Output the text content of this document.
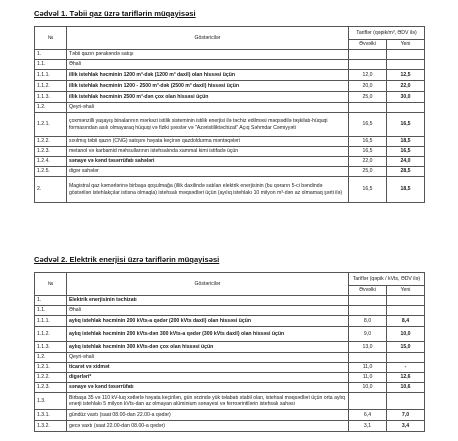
Cədvəl 1. Təbii qaz üzrə tariflərin müqayisəsi
№	Göstəricilər	Tariflər (qəpik/m³, ƏDV ilə)	
		Əvvəlki	Yeni
1.	Təbii qazın pərakəndə satışı		
1.1.	Əhali		
1.1.1.	illik istehlak həcminin 1200 m³-dək (1200 m³ daxil) olan hissəsi üçün	12,0	12,5
1.1.2.	illik istehlak həcminin 1200 - 2500 m³-dək (2500 m³ daxil) hissəsi üçün	20,0	22,0
1.1.3.	illik istehlak həcminin 2500 m³-dən çox olan hissəsi üçün	25,0	30,0
1.2.	Qeyri-əhali		
1.2.1.	çoxmənzilli yaşayış binalarının mərkəzi istilik sisteminin istilik enerjisi ilə təchiz edilməsi məqsədilə təşkilatı-hüquqi formasından asılı olmayaraq hüquqi və fiziki şəxslər və "Azəristiliktəchizat" Açıq Səhmdar Cəmiyyəti	16,5	16,5
1.2.2.	sıxılmış təbii qazın (CNG) satışını həyata keçirən qazdoldurma məntəqələri	16,5	18,5
1.2.3.	metanol və karbamid məhsullarının istehsalında xammal kimi istifadə üçün	16,5	16,5
1.2.4.	sənaye və kənd təsərrüfatı sahələri	22,0	24,0
1.2.5.	digər sahələr	25,0	28,5
2.	Magistral qaz kəmərlərinə birbaşa qoşulmağa (illik daxilində satılan elektrik enerjisinin (bu qərarın 5-ci bəndində göstərilən istehlakçılar istisna olmaqla) istehsalı məqsədləri üçün (ayılıq istehlakı 10 milyon m³-dən az olmamaq şərti ilə)	16,5	18,5
Cədvəl 2. Elektrik enerjisi üzrə tariflərin müqayisəsi
№	Göstəricilər	Tariflər (qəpik / kVts, ƏDV ilə)	
		Əvvəlki	Yeni
1.	Elektrik enerjisinin təchizatı		
1.1.	Əhali		
1.1.1.	aylıq istehlak həcminin 200 kVts-a qədər (200 kVts daxil) olan hissəsi üçün	8,0	8,4
1.1.2.	aylıq istehlak həcminin 200 kVts-dən 300 kVts-a qədər (300 kVts daxil) olan hissəsi üçün	9,0	10,0
1.1.3.	aylıq istehlak həcminin 300 kVts-dən çox olan hissəsi üçün	13,0	15,0
1.2.	Qeyri-əhali		
1.2.1.	ticarət və xidmət	11,0	-
1.2.2.	digərləri*	11,0	12,6
1.2.3.	sənaye və kənd təsərrüfatı	10,0	10,6
1.3.	Birbaşa 35 və 110 kV-luq xətlərlə həyata keçirilən, gün ərzində yük təlabatı stabil olan, istehsal məqsədləri üçün orta aylıq enerji istehlakı 5 milyon kVts-dan az olmayan alüminium sənayesi və ferroərintilərin istehsalı sahəsi		
1.3.1.	gündüz vaxtı (saat 08.00-dan 22.00-a qədər)	6,4	7,0
1.3.2.	gecə vaxtı (saat 22.00-dan 08.00-a qədər)	3,1	3,4
